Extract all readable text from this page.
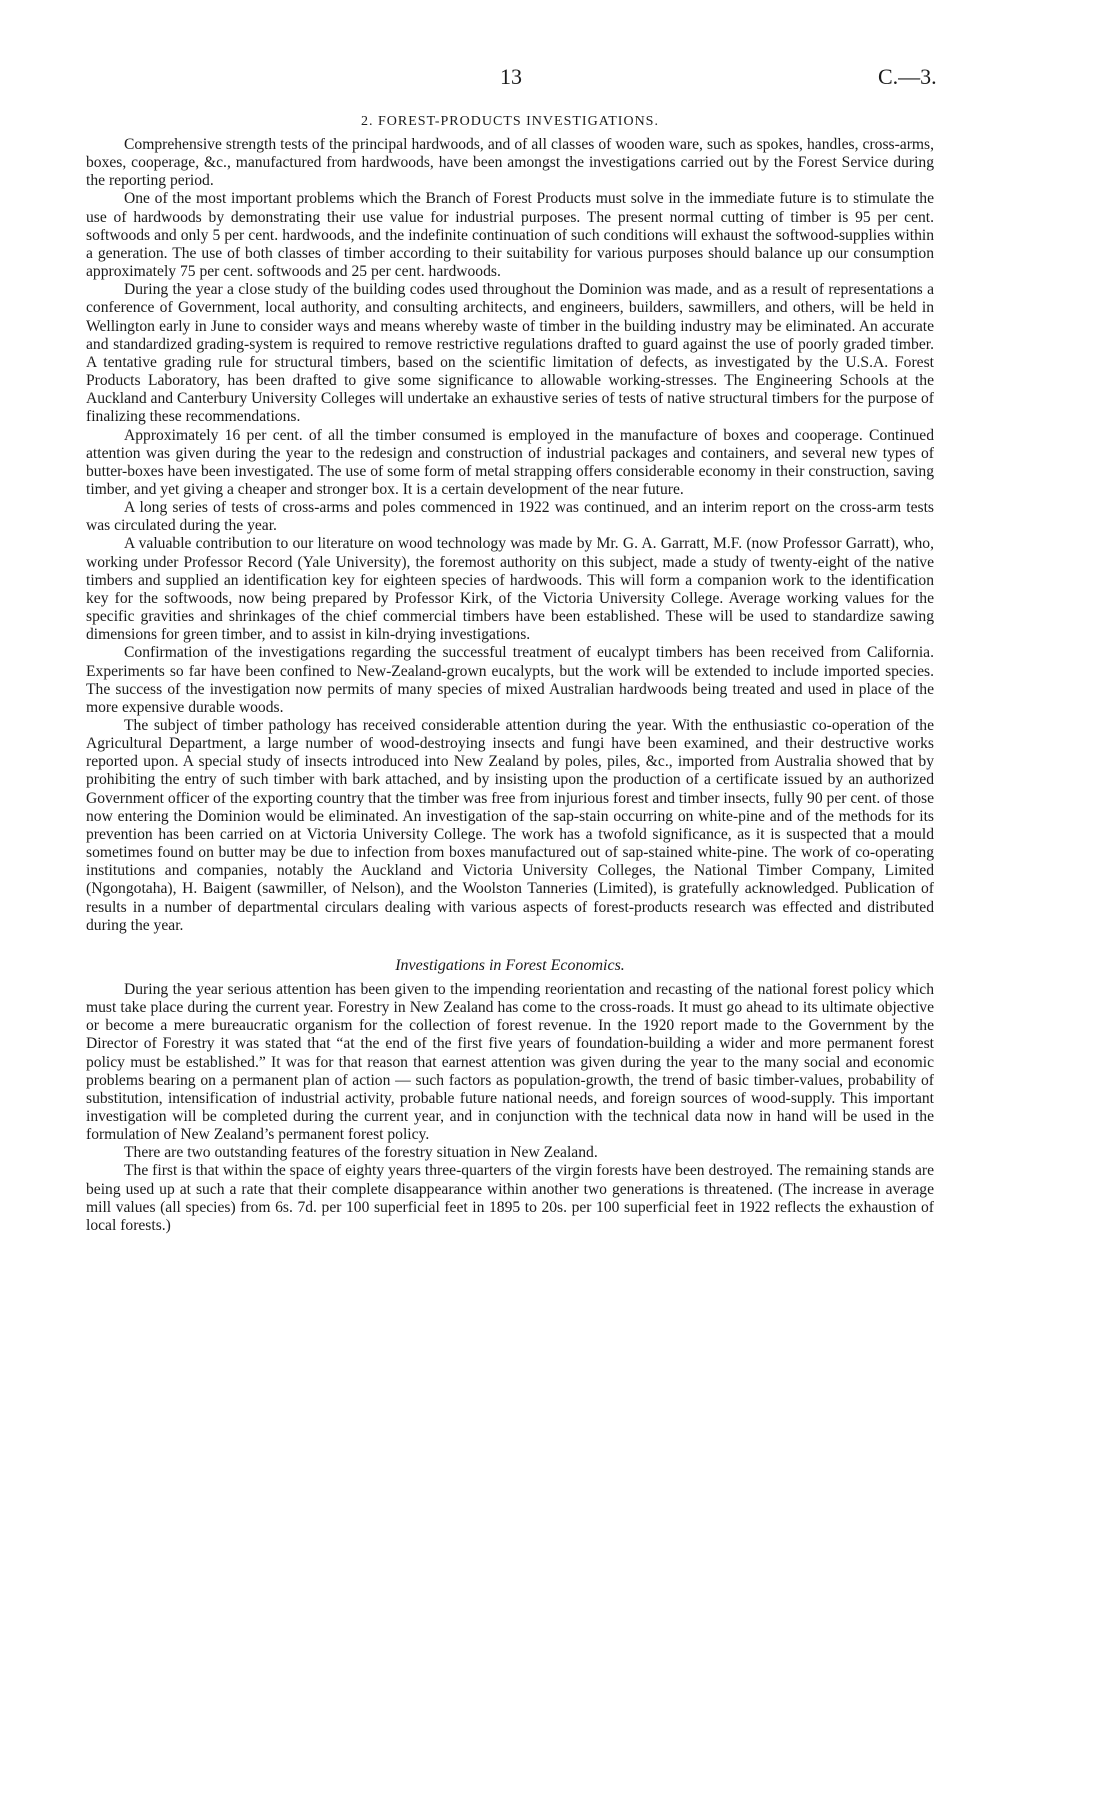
13	C.—3.
2. FOREST-PRODUCTS INVESTIGATIONS.

Comprehensive strength tests of the principal hardwoods, and of all classes of wooden ware, such as spokes, handles, cross-arms, boxes, cooperage, &c., manufactured from hardwoods, have been amongst the investigations carried out by the Forest Service during the reporting period.

One of the most important problems which the Branch of Forest Products must solve in the immediate future is to stimulate the use of hardwoods by demonstrating their use value for industrial purposes. The present normal cutting of timber is 95 per cent. softwoods and only 5 per cent. hardwoods, and the indefinite continuation of such conditions will exhaust the softwood-supplies within a generation. The use of both classes of timber according to their suitability for various purposes should balance up our consumption approximately 75 per cent. softwoods and 25 per cent. hardwoods.

During the year a close study of the building codes used throughout the Dominion was made, and as a result of representations a conference of Government, local authority, and consulting architects, and engineers, builders, sawmillers, and others, will be held in Wellington early in June to consider ways and means whereby waste of timber in the building industry may be eliminated. An accurate and standardized grading-system is required to remove restrictive regulations drafted to guard against the use of poorly graded timber. A tentative grading rule for structural timbers, based on the scientific limitation of defects, as investigated by the U.S.A. Forest Products Laboratory, has been drafted to give some significance to allowable working-stresses. The Engineering Schools at the Auckland and Canterbury University Colleges will undertake an exhaustive series of tests of native structural timbers for the purpose of finalizing these recommendations.

Approximately 16 per cent. of all the timber consumed is employed in the manufacture of boxes and cooperage. Continued attention was given during the year to the redesign and construction of industrial packages and containers, and several new types of butter-boxes have been investigated. The use of some form of metal strapping offers considerable economy in their construction, saving timber, and yet giving a cheaper and stronger box. It is a certain development of the near future.

A long series of tests of cross-arms and poles commenced in 1922 was continued, and an interim report on the cross-arm tests was circulated during the year.

A valuable contribution to our literature on wood technology was made by Mr. G. A. Garratt, M.F. (now Professor Garratt), who, working under Professor Record (Yale University), the foremost authority on this subject, made a study of twenty-eight of the native timbers and supplied an identification key for eighteen species of hardwoods. This will form a companion work to the identification key for the softwoods, now being prepared by Professor Kirk, of the Victoria University College. Average working values for the specific gravities and shrinkages of the chief commercial timbers have been established. These will be used to standardize sawing dimensions for green timber, and to assist in kiln-drying investigations.

Confirmation of the investigations regarding the successful treatment of eucalypt timbers has been received from California. Experiments so far have been confined to New-Zealand-grown eucalypts, but the work will be extended to include imported species. The success of the investigation now permits of many species of mixed Australian hardwoods being treated and used in place of the more expensive durable woods.

The subject of timber pathology has received considerable attention during the year. With the enthusiastic co-operation of the Agricultural Department, a large number of wood-destroying insects and fungi have been examined, and their destructive works reported upon. A special study of insects introduced into New Zealand by poles, piles, &c., imported from Australia showed that by prohibiting the entry of such timber with bark attached, and by insisting upon the production of a certificate issued by an authorized Government officer of the exporting country that the timber was free from injurious forest and timber insects, fully 90 per cent. of those now entering the Dominion would be eliminated. An investigation of the sap-stain occurring on white-pine and of the methods for its prevention has been carried on at Victoria University College. The work has a twofold significance, as it is suspected that a mould sometimes found on butter may be due to infection from boxes manufactured out of sap-stained white-pine. The work of co-operating institutions and companies, notably the Auckland and Victoria University Colleges, the National Timber Company, Limited (Ngongotaha), H. Baigent (sawmiller, of Nelson), and the Woolston Tanneries (Limited), is gratefully acknowledged. Publication of results in a number of departmental circulars dealing with various aspects of forest-products research was effected and distributed during the year.

Investigations in Forest Economics.

During the year serious attention has been given to the impending reorientation and recasting of the national forest policy which must take place during the current year. Forestry in New Zealand has come to the cross-roads. It must go ahead to its ultimate objective or become a mere bureaucratic organism for the collection of forest revenue. In the 1920 report made to the Government by the Director of Forestry it was stated that “at the end of the first five years of foundation-building a wider and more permanent forest policy must be established.” It was for that reason that earnest attention was given during the year to the many social and economic problems bearing on a permanent plan of action — such factors as population-growth, the trend of basic timber-values, probability of substitution, intensification of industrial activity, probable future national needs, and foreign sources of wood-supply. This important investigation will be completed during the current year, and in conjunction with the technical data now in hand will be used in the formulation of New Zealand’s permanent forest policy.

There are two outstanding features of the forestry situation in New Zealand.

The first is that within the space of eighty years three-quarters of the virgin forests have been destroyed. The remaining stands are being used up at such a rate that their complete disappearance within another two generations is threatened. (The increase in average mill values (all species) from 6s. 7d. per 100 superficial feet in 1895 to 20s. per 100 superficial feet in 1922 reflects the exhaustion of local forests.)
